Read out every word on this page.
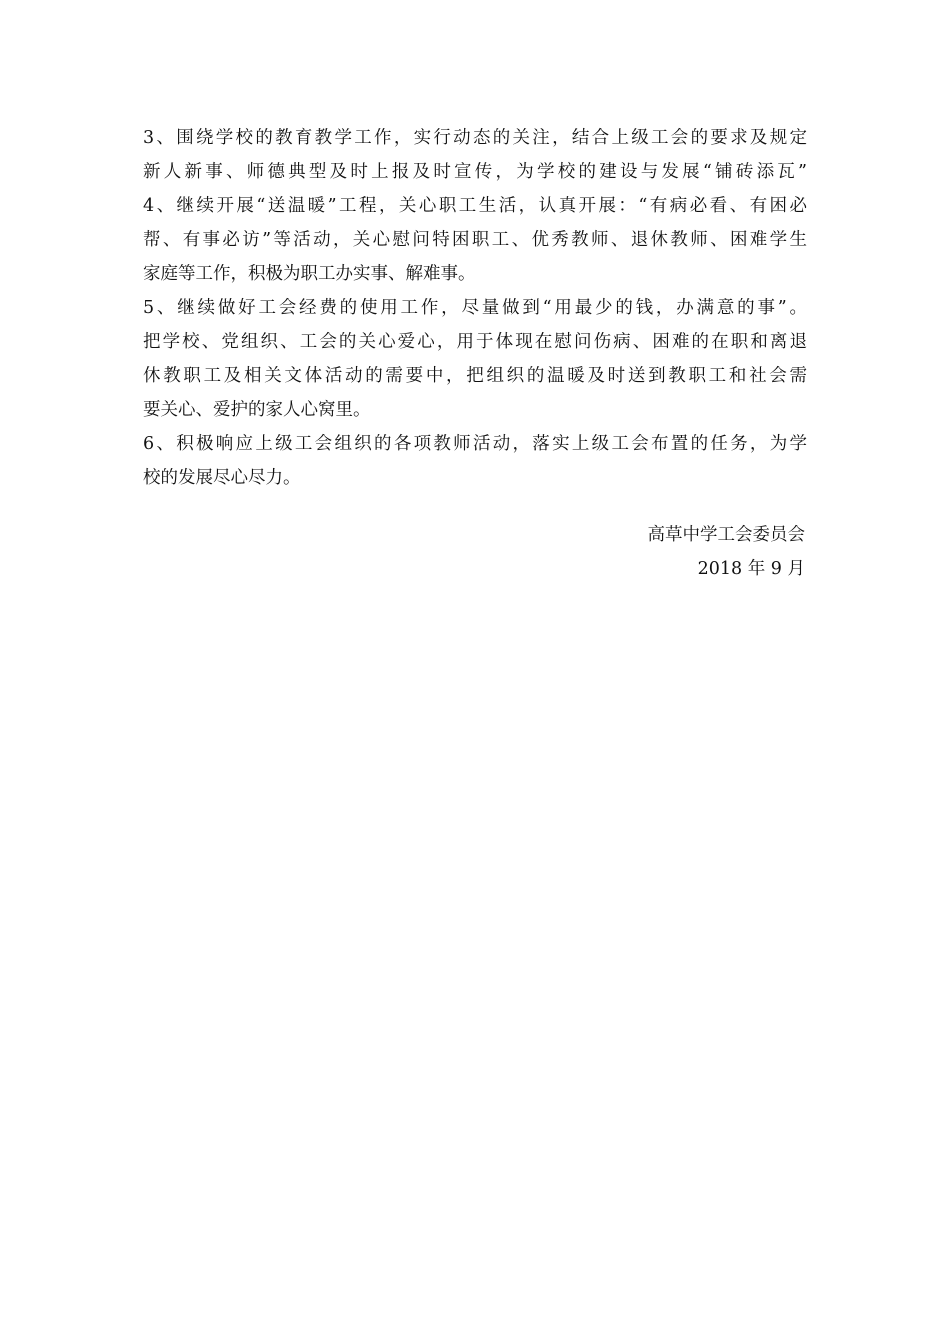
3、围绕学校的教育教学工作，实行动态的关注，结合上级工会的要求及规定
新人新事、师德典型及时上报及时宣传，为学校的建设与发展“铺砖添瓦”
4、继续开展“送温暖”工程，关心职工生活，认真开展：“有病必看、有困必
帮、有事必访”等活动，关心慰问特困职工、优秀教师、退休教师、困难学生
家庭等工作，积极为职工办实事、解难事。
5、继续做好工会经费的使用工作，尽量做到“用最少的钱，办满意的事”。
把学校、党组织、工会的关心爱心，用于体现在慰问伤病、困难的在职和离退
休教职工及相关文体活动的需要中，把组织的温暖及时送到教职工和社会需
要关心、爱护的家人心窝里。
6、积极响应上级工会组织的各项教师活动，落实上级工会布置的任务，为学
校的发展尽心尽力。
高草中学工会委员会
2018 年 9 月
